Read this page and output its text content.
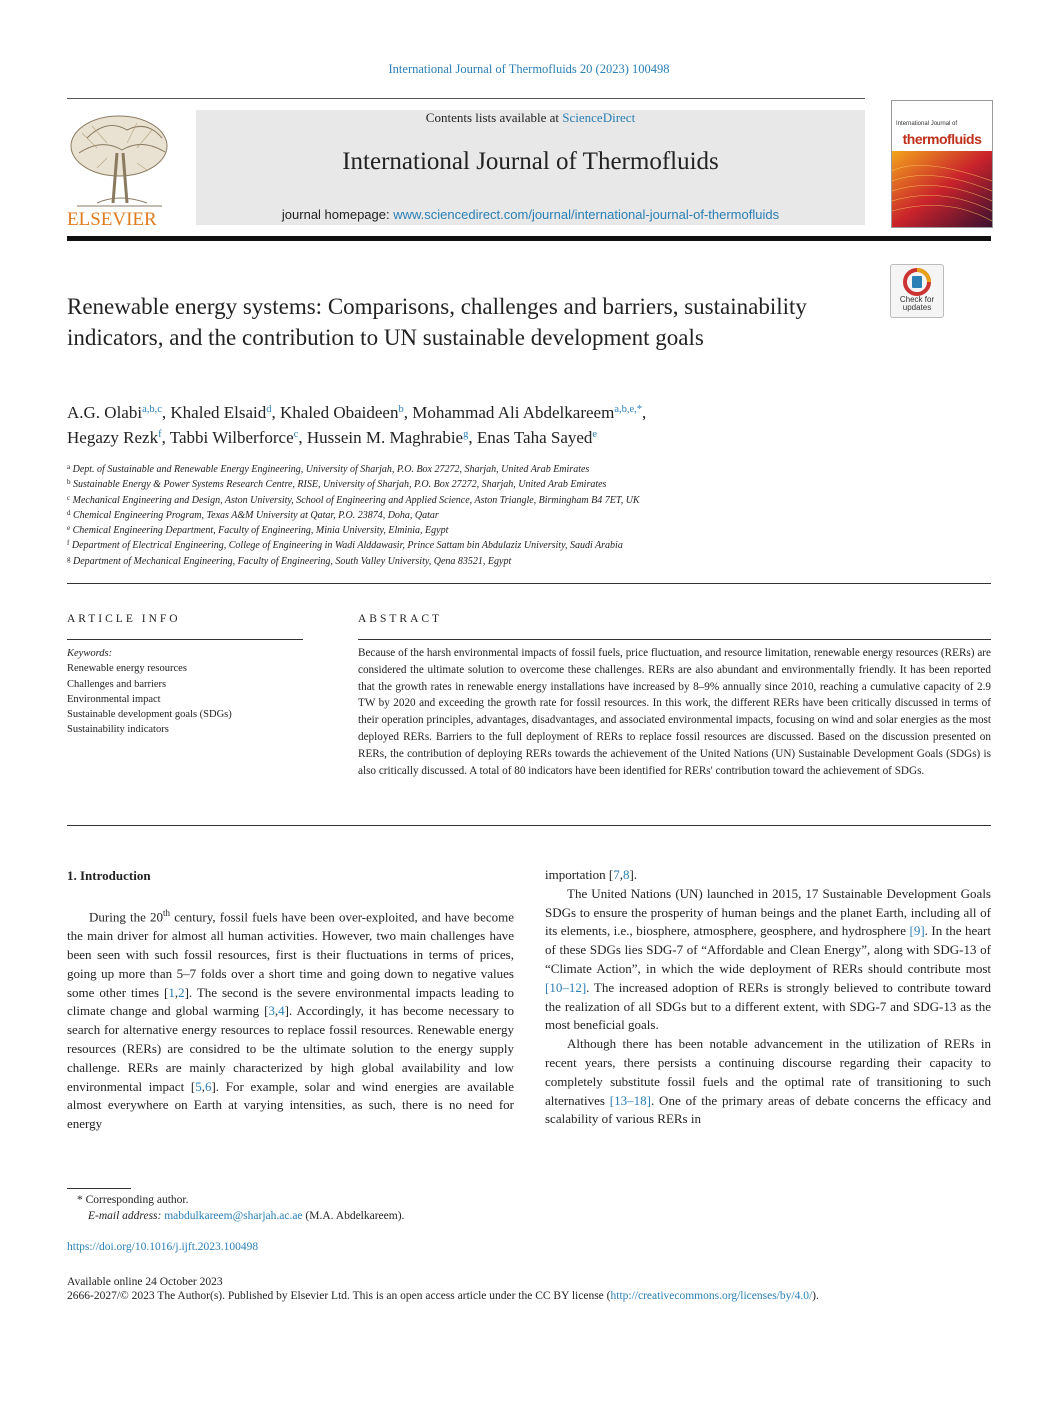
International Journal of Thermofluids 20 (2023) 100498
ELSEVIER
Contents lists available at ScienceDirect
International Journal of Thermofluids
journal homepage: www.sciencedirect.com/journal/international-journal-of-thermofluids
International Journal of
thermofluids
Check for updates
Renewable energy systems: Comparisons, challenges and barriers, sustainability indicators, and the contribution to UN sustainable development goals
A.G. Olabi$^{a,b,c}$, Khaled Elsaid$^d$, Khaled Obaideen$^b$, Mohammad Ali Abdelkareem$^{a,b,e,*}$,
Hegazy Rezk$^f$, Tabbi Wilberforce$^c$, Hussein M. Maghrabie$^g$, Enas Taha Sayed$^e$
$^a$ Dept. of Sustainable and Renewable Energy Engineering, University of Sharjah, P.O. Box 27272, Sharjah, United Arab Emirates
$^b$ Sustainable Energy & Power Systems Research Centre, RISE, University of Sharjah, P.O. Box 27272, Sharjah, United Arab Emirates
$^c$ Mechanical Engineering and Design, Aston University, School of Engineering and Applied Science, Aston Triangle, Birmingham B4 7ET, UK
$^d$ Chemical Engineering Program, Texas A&M University at Qatar, P.O. 23874, Doha, Qatar
$^e$ Chemical Engineering Department, Faculty of Engineering, Minia University, Elminia, Egypt
$^f$ Department of Electrical Engineering, College of Engineering in Wadi Alddawasir, Prince Sattam bin Abdulaziz University, Saudi Arabia
$^g$ Department of Mechanical Engineering, Faculty of Engineering, South Valley University, Qena 83521, Egypt
ARTICLE INFO
Keywords:
Renewable energy resources
Challenges and barriers
Environmental impact
Sustainable development goals (SDGs)
Sustainability indicators
ABSTRACT
Because of the harsh environmental impacts of fossil fuels, price fluctuation, and resource limitation, renewable energy resources (RERs) are considered the ultimate solution to overcome these challenges. RERs are also abundant and environmentally friendly. It has been reported that the growth rates in renewable energy installations have increased by 8–9% annually since 2010, reaching a cumulative capacity of 2.9 TW by 2020 and exceeding the growth rate for fossil resources. In this work, the different RERs have been critically discussed in terms of their operation principles, advantages, disadvantages, and associated environmental impacts, focusing on wind and solar energies as the most deployed RERs. Barriers to the full deployment of RERs to replace fossil resources are discussed. Based on the discussion presented on RERs, the contribution of deploying RERs towards the achievement of the United Nations (UN) Sustainable Development Goals (SDGs) is also critically discussed. A total of 80 indicators have been identified for RERs' contribution toward the achievement of SDGs.
1. Introduction

During the 20th century, fossil fuels have been over-exploited, and have become the main driver for almost all human activities. However, two main challenges have been seen with such fossil resources, first is their fluctuations in terms of prices, going up more than 5–7 folds over a short time and going down to negative values some other times [1,2]. The second is the severe environmental impacts leading to climate change and global warming [3,4]. Accordingly, it has become necessary to search for alternative energy resources to replace fossil resources. Renewable energy resources (RERs) are considred to be the ultimate solution to the energy supply challenge. RERs are mainly characterized by high global availability and low environmental impact [5,6]. For example, solar and wind energies are available almost everywhere on Earth at varying intensities, as such, there is no need for energy

importation [7,8].

The United Nations (UN) launched in 2015, 17 Sustainable Development Goals SDGs to ensure the prosperity of human beings and the planet Earth, including all of its elements, i.e., biosphere, atmosphere, geosphere, and hydrosphere [9]. In the heart of these SDGs lies SDG-7 of “Affordable and Clean Energy”, along with SDG-13 of “Climate Action”, in which the wide deployment of RERs should contribute most [10–12]. The increased adoption of RERs is strongly believed to contribute toward the realization of all SDGs but to a different extent, with SDG-7 and SDG-13 as the most beneficial goals.

Although there has been notable advancement in the utilization of RERs in recent years, there persists a continuing discourse regarding their capacity to completely substitute fossil fuels and the optimal rate of transitioning to such alternatives [13–18]. One of the primary areas of debate concerns the efficacy and scalability of various RERs in

* Corresponding author.
E-mail address: mabdulkareem@sharjah.ac.ae (M.A. Abdelkareem).
https://doi.org/10.1016/j.ijft.2023.100498
Available online 24 October 2023
2666-2027/© 2023 The Author(s). Published by Elsevier Ltd. This is an open access article under the CC BY license (http://creativecommons.org/licenses/by/4.0/).
